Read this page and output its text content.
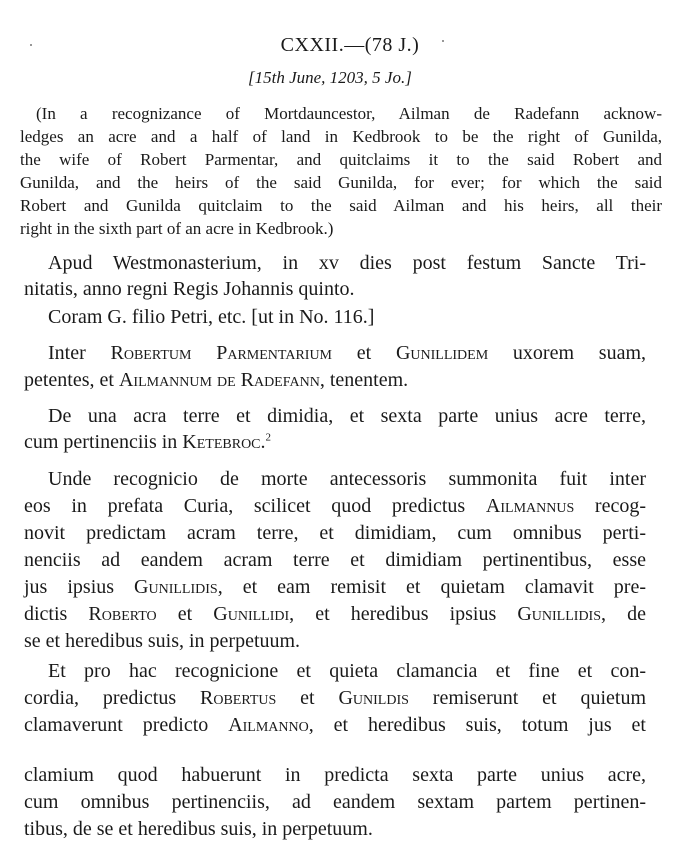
CXXII.—(78 J.)

[15th June, 1203, 5 Jo.]

(In a recognizance of Mortdauncestor, Ailman de Radefann acknow-

ledges an acre and a half of land in Kedbrook to be the right of Gunilda,

the wife of Robert Parmentar, and quitclaims it to the said Robert and

Gunilda, and the heirs of the said Gunilda, for ever; for which the said

Robert and Gunilda quitclaim to the said Ailman and his heirs, all their

right in the sixth part of an acre in Kedbrook.)

Apud Westmonasterium, in xv dies post festum Sancte Tri-

nitatis, anno regni Regis Johannis quinto.

Coram G. filio Petri, etc. [ut in No. 116.]

Inter Robertum Parmentarium et Gunillidem uxorem suam,

petentes, et Ailmannum de Radefann, tenentem.

De una acra terre et dimidia, et sexta parte unius acre terre,

cum pertinenciis in Ketebroc.$^2$

Unde recognicio de morte antecessoris summonita fuit inter

eos in prefata Curia, scilicet quod predictus Ailmannus recog-

novit predictam acram terre, et dimidiam, cum omnibus perti-

nenciis ad eandem acram terre et dimidiam pertinentibus, esse

jus ipsius Gunillidis, et eam remisit et quietam clamavit pre-

dictis Roberto et Gunillidi, et heredibus ipsius Gunillidis, de

se et heredibus suis, in perpetuum.

Et pro hac recognicione et quieta clamancia et fine et con-

cordia, predictus Robertus et Gunildis remiserunt et quietum

clamaverunt predicto Ailmanno, et heredibus suis, totum jus et

clamium quod habuerunt in predicta sexta parte unius acre,

cum omnibus pertinenciis, ad eandem sextam partem pertinen-

tibus, de se et heredibus suis, in perpetuum.
